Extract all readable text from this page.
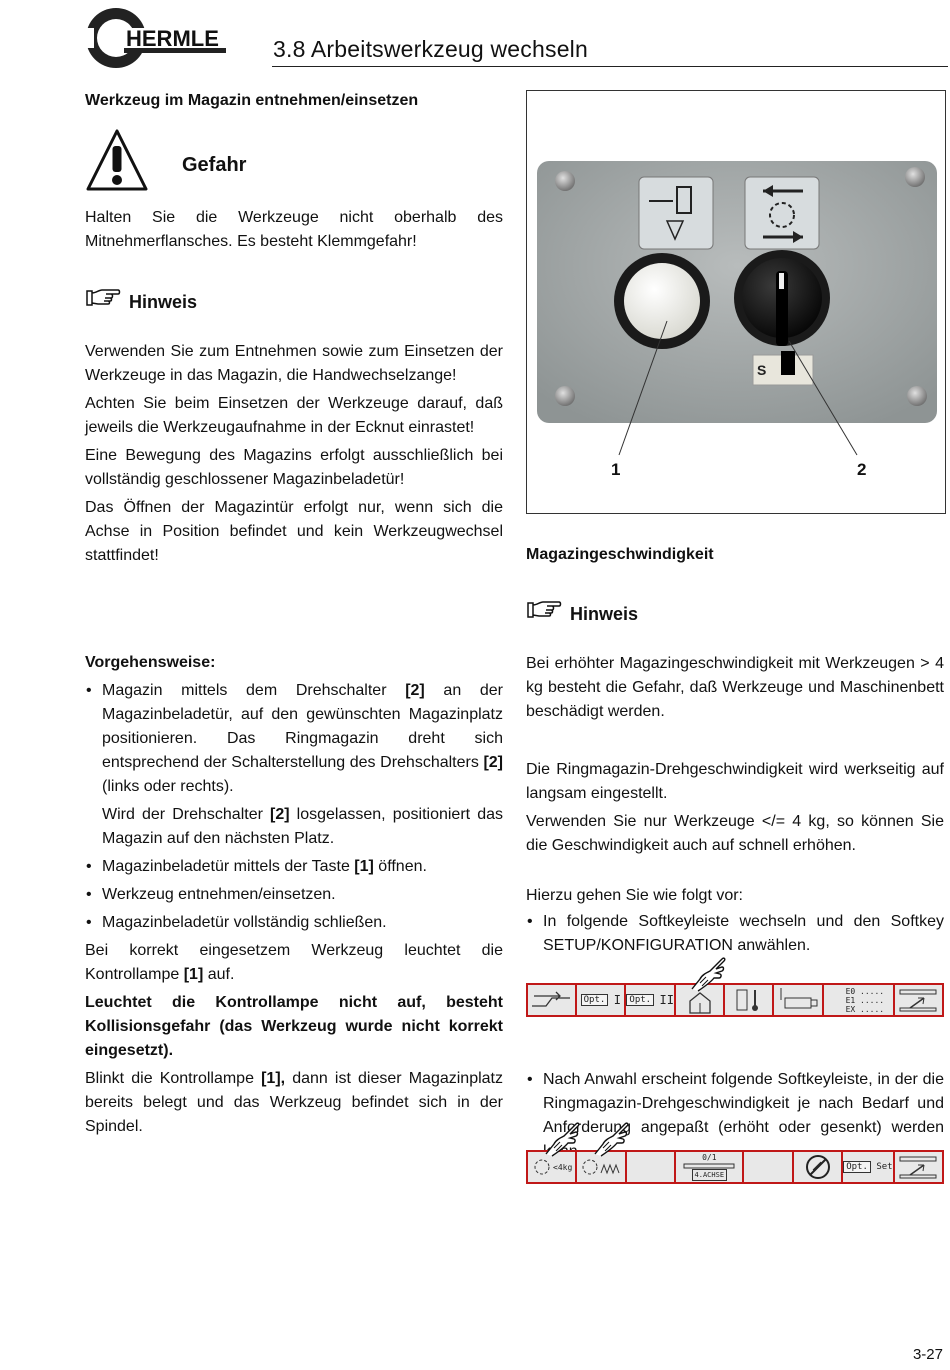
HERMLE 3.8 Arbeitswerkzeug wechseln
Werkzeug im Magazin entnehmen/einsetzen
Gefahr
Halten Sie die Werkzeuge nicht oberhalb des Mitnehmerflansches. Es besteht Klemmgefahr!
Hinweis
Verwenden Sie zum Entnehmen sowie zum Einsetzen der Werkzeuge in das Magazin, die Handwechselzange!
Achten Sie beim Einsetzen der Werkzeuge darauf, daß jeweils die Werkzeugaufnahme in der Ecknut einrastet!
Eine Bewegung des Magazins erfolgt ausschließlich bei vollständig geschlossener Magazinbeladetür!
Das Öffnen der Magazintür erfolgt nur, wenn sich die Achse in Position befindet und kein Werkzeugwechsel stattfindet!
Vorgehensweise:
• Magazin mittels dem Drehschalter [2] an der Magazinbeladetür, auf den gewünschten Magazinplatz positionieren. Das Ringmagazin dreht sich entsprechend der Schalterstellung des Drehschalters [2] (links oder rechts).
Wird der Drehschalter [2] losgelassen, positioniert das Magazin auf den nächsten Platz.
• Magazinbeladetür mittels der Taste [1] öffnen.
• Werkzeug entnehmen/einsetzen.
• Magazinbeladetür vollständig schließen.
Bei korrekt eingesetzem Werkzeug leuchtet die Kontrollampe [1] auf.
Leuchtet die Kontrollampe nicht auf, besteht Kollisionsgefahr (das Werkzeug wurde nicht korrekt eingesetzt).
Blinkt die Kontrollampe [1], dann ist dieser Magazinplatz bereits belegt und das Werkzeug befindet sich in der Spindel.
S
1	2
Magazingeschwindigkeit
Hinweis
Bei erhöhter Magazingeschwindigkeit mit Werkzeugen > 4 kg besteht die Gefahr, daß Werkzeuge und Maschinenbett beschädigt werden.
Die Ringmagazin-Drehgeschwindigkeit wird werkseitig auf langsam eingestellt.
Verwenden Sie nur Werkzeuge </= 4 kg, so können Sie die Geschwindigkeit auch auf schnell erhöhen.
Hierzu gehen Sie wie folgt vor:
• In folgende Softkeyleiste wechseln und den Softkey SETUP/KONFIGURATION anwählen.
Opt.
I Opt.
II
E0 .....
E1 .....
EX .....
• Nach Anwahl erscheint folgende Softkeyleiste, in der die Ringmagazin-Drehgeschwindigkeit je nach Bedarf und Anforderung angepaßt (erhöht oder gesenkt) werden
<4kg
0/1
4.ACHSE
Opt.
Set
3-27
